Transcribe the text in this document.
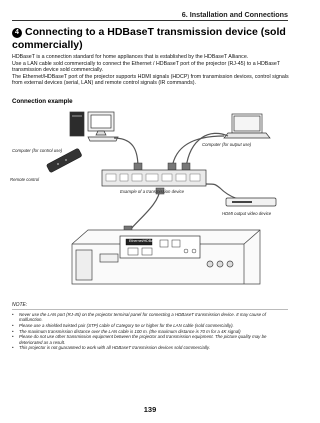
6. Installation and Connections
4 Connecting to a HDBaseT transmission device (sold commercially)
HDBaseT is a connection standard for home appliances that is established by the HDBaseT Alliance.
Use a LAN cable sold commercially to connect the Ethernet / HDBaseT port of the projector (RJ-45) to a HDBaseT transmission device sold commercially.
The Ethernet/HDBaseT port of the projector supports HDMI signals (HDCP) from transmission devices, control signals from external devices (serial, LAN) and remote control signals (IR commands).
Connection example
Computer (for control use)
Computer (for output use)
Remote control
Example of a transmission device
HDMI output video device
Ethernet/HDBaseT
NOTE:
• Never use the LAN port (RJ-45) on the projector terminal panel for connecting a HDBaseT transmission device. It may cause of malfunction.
• Please use a shielded twisted pair (STP) cable of Category 5e or higher for the LAN cable (sold commercially).
• The maximum transmission distance over the LAN cable is 100 m. (the maximum distance is 70 m for a 4K signal)
• Please do not use other transmission equipment between the projector and transmission equipment. The picture quality may be deteriorated as a result.
• This projector is not guaranteed to work with all HDBaseT transmission devices sold commercially.
139
